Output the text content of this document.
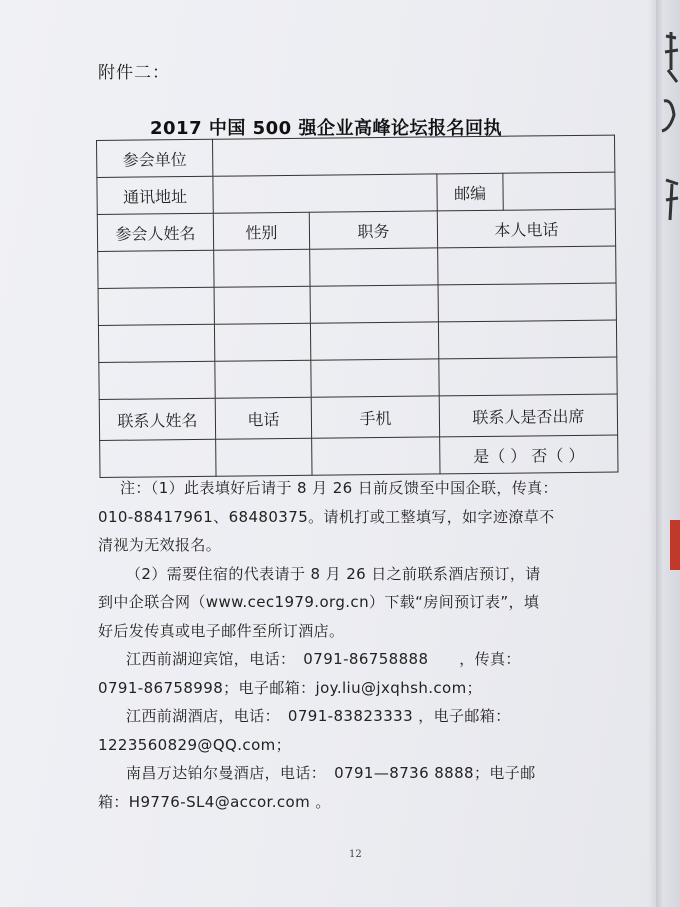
附件二：
2017 中国 500 强企业高峰论坛报名回执
参会单位				
通讯地址			邮编	
参会人姓名	性别	职务	本人电话	

联系人姓名	电话	手机	联系人是否出席	
			是（ ） 否（ ）	

注：（1）此表填好后请于 8 月 26 日前反馈至中国企联，传真：

010-88417961、68480375。请机打或工整填写，如字迹潦草不

清视为无效报名。

（2）需要住宿的代表请于 8 月 26 日之前联系酒店预订，请

到中企联合网（www.cec1979.org.cn）下载“房间预订表”，填

好后发传真或电子邮件至所订酒店。

江西前湖迎宾馆，电话：　0791-86758888　　，传真：

0791-86758998；电子邮箱：joy.liu@jxqhsh.com；

江西前湖酒店，电话：　0791-83823333 ，电子邮箱：

1223560829@QQ.com；

南昌万达铂尔曼酒店，电话：　0791—8736 8888；电子邮

箱：H9776-SL4@accor.com 。

12
